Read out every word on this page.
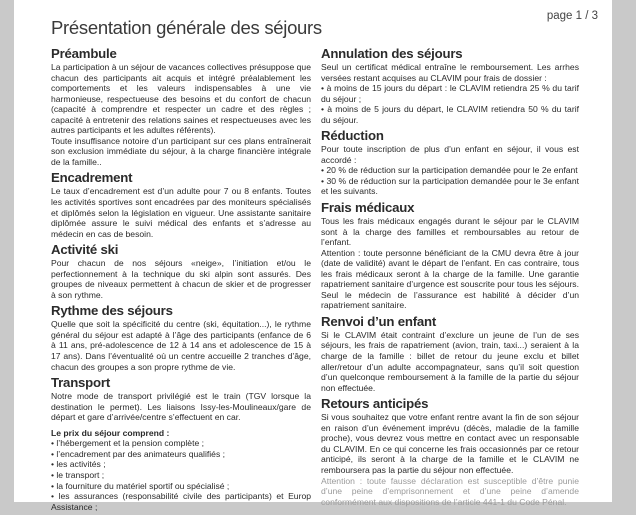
Présentation générale des séjours
page 1 / 3
Préambule

La participation à un séjour de vacances collectives présuppose que chacun des participants ait acquis et intégré préalablement les comportements et les valeurs indispensables à une vie harmonieuse, respectueuse des besoins et du confort de chacun (capacité à comprendre et respecter un cadre et des règles ; capacité à entretenir des relations saines et respectueuses avec les autres participants et les adultes référents).

Toute insuffisance notoire d’un participant sur ces plans entraînerait son exclusion immédiate du séjour, à la charge financière intégrale de la famille..

Encadrement

Le taux d’encadrement est d’un adulte pour 7 ou 8 enfants. Toutes les activités sportives sont encadrées par des moniteurs spécialisés et diplômés selon la législation en vigueur. Une assistante sanitaire diplômée assure le suivi médical des enfants et s’adresse au médecin en cas de besoin.

Activité ski

Pour chacun de nos séjours «neige», l’initiation et/ou le perfectionnement à la technique du ski alpin sont assurés. Des groupes de niveaux permettent à chacun de skier et de progresser à son rythme.

Rythme des séjours

Quelle que soit la spécificité du centre (ski, équitation...), le rythme général du séjour est adapté à l’âge des participants (enfance de 6 à 11 ans, pré-adolescence de 12 à 14 ans et adolescence de 15 à 17 ans). Dans l’éventualité où un centre accueille 2 tranches d’âge, chacun des groupes a son propre rythme de vie.

Transport

Notre mode de transport privilégié est le train (TGV lorsque la destination le permet). Les liaisons Issy-les-Moulineaux/gare de départ et gare d’arrivée/centre s’effectuent en car.

Le prix du séjour comprend :

• l’hébergement et la pension complète ;
• l’encadrement par des animateurs qualifiés ;
• les activités ;
• le transport ;
• la fourniture du matériel sportif ou spécialisé ;
• les assurances (responsabilité civile des participants) et Europ Assistance ;
Annulation des séjours

Seul un certificat médical entraîne le remboursement. Les arrhes versées restant acquises au CLAVIM pour frais de dossier :

• à moins de 15 jours du départ : le CLAVIM retiendra 25 % du tarif du séjour ;
• à moins de 5 jours du départ, le CLAVIM retiendra 50 % du tarif du séjour.
Réduction

Pour toute inscription de plus d’un enfant en séjour, il vous est accordé :

• 20 % de réduction sur la participation demandée pour le 2e enfant
• 30 % de réduction sur la participation demandée pour le 3e enfant et les suivants.
Frais médicaux

Tous les frais médicaux engagés durant le séjour par le CLAVIM sont à la charge des familles et remboursables au retour de l’enfant.

Attention : toute personne bénéficiant de la CMU devra être à jour (date de validité) avant le départ de l’enfant. En cas contraire, tous les frais médicaux seront à la charge de la famille. Une garantie rapatriement sanitaire d’urgence est souscrite pour tous les séjours. Seul le médecin de l’assurance est habilité à décider d’un rapatriement sanitaire.

Renvoi d’un enfant

Si le CLAVIM était contraint d’exclure un jeune de l’un de ses séjours, les frais de rapatriement (avion, train, taxi...) seraient à la charge de la famille : billet de retour du jeune exclu et billet aller/retour d’un adulte accompagnateur, sans qu’il soit question d’un quelconque remboursement à la famille de la partie du séjour non effectuée.

Retours anticipés

Si vous souhaitez que votre enfant rentre avant la fin de son séjour en raison d’un événement imprévu (décès, maladie de la famille proche), vous devrez vous mettre en contact avec un responsable du CLAVIM. En ce qui concerne les frais occasionnés par ce retour anticipé, ils seront à la charge de la famille et le CLAVIM ne remboursera pas la partie du séjour non effectuée.

Attention : toute fausse déclaration est susceptible d’être punie d’une peine d’emprisonnement et d’une peine d’amende conformément aux dispositions de l’article 441-1 du Code Pénal.
